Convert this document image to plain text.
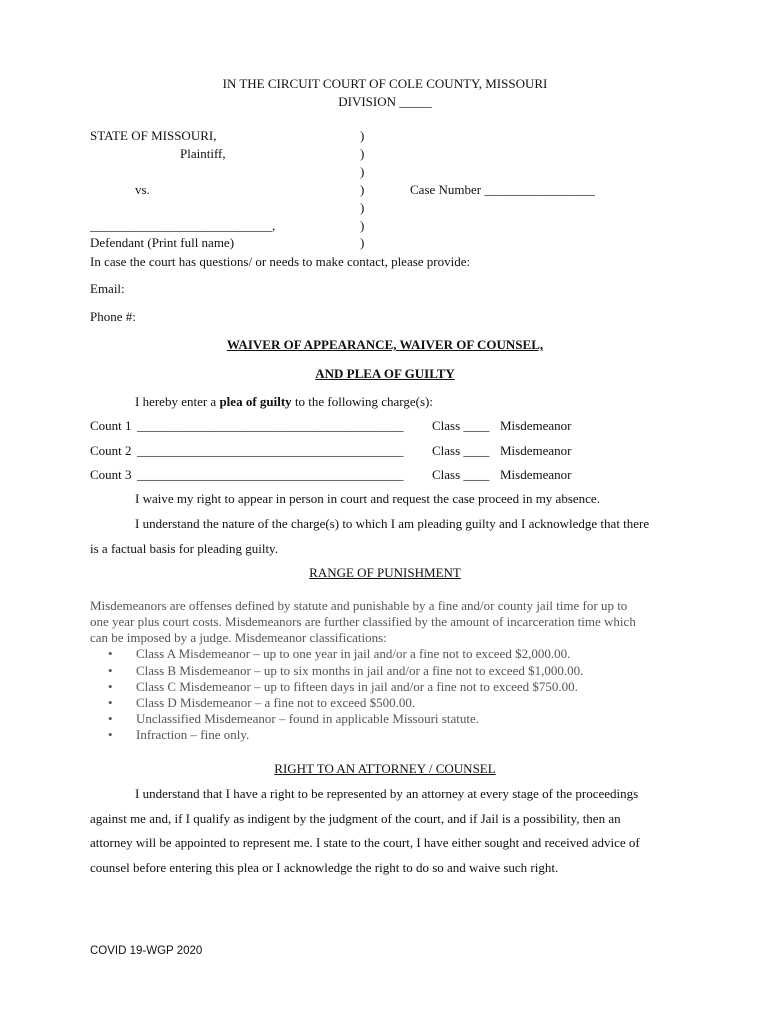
IN THE CIRCUIT COURT OF COLE COUNTY, MISSOURI
DIVISION _____
STATE OF MISSOURI,
Plaintiff,
vs.	Case Number _________________
____________________________,
Defendant (Print full name)
)
)
)
)
)
)
)
In case the court has questions/ or needs to make contact, please provide:
Email:
Phone #:
WAIVER OF APPEARANCE, WAIVER OF COUNSEL,
AND PLEA OF GUILTY
I hereby enter a plea of guilty to the following charge(s):
Count 1 _________________________________________ Class ____ Misdemeanor
Count 2 _________________________________________ Class ____ Misdemeanor
Count 3 _________________________________________ Class ____ Misdemeanor
I waive my right to appear in person in court and request the case proceed in my absence.
I understand the nature of the charge(s) to which I am pleading guilty and I acknowledge that there
is a factual basis for pleading guilty.
RANGE OF PUNISHMENT
Misdemeanors are offenses defined by statute and punishable by a fine and/or county jail time for up to
one year plus court costs. Misdemeanors are further classified by the amount of incarceration time which
can be imposed by a judge. Misdemeanor classifications:
Class A Misdemeanor – up to one year in jail and/or a fine not to exceed $2,000.00.
Class B Misdemeanor – up to six months in jail and/or a fine not to exceed $1,000.00.
Class C Misdemeanor – up to fifteen days in jail and/or a fine not to exceed $750.00.
Class D Misdemeanor – a fine not to exceed $500.00.
Unclassified Misdemeanor – found in applicable Missouri statute.
Infraction – fine only.
RIGHT TO AN ATTORNEY / COUNSEL
I understand that I have a right to be represented by an attorney at every stage of the proceedings
against me and, if I qualify as indigent by the judgment of the court, and if Jail is a possibility, then an
attorney will be appointed to represent me. I state to the court, I have either sought and received advice of
counsel before entering this plea or I acknowledge the right to do so and waive such right.
COVID 19-WGP 2020
